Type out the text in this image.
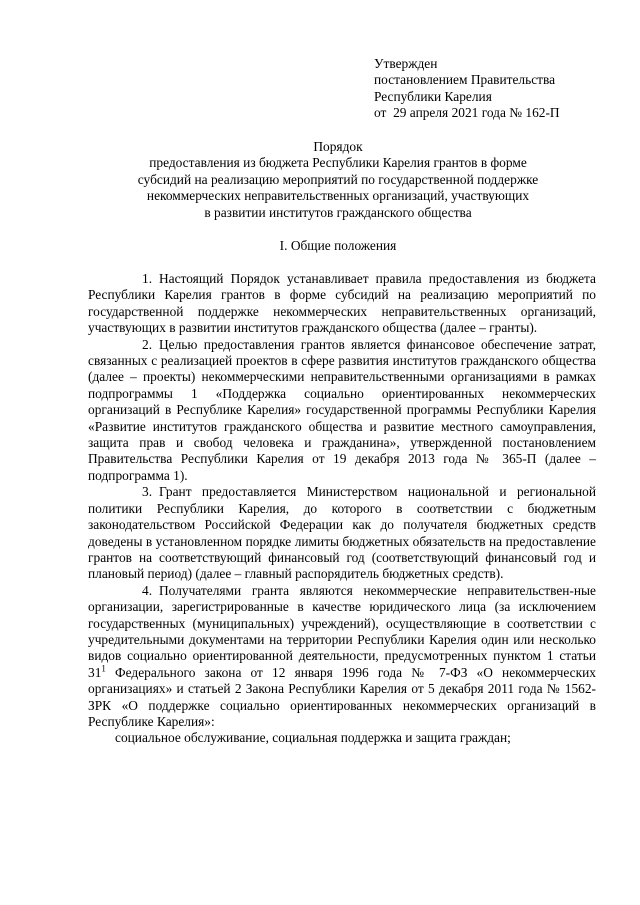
Утвержден
постановлением Правительства
Республики Карелия
от  29 апреля 2021 года № 162-П
Порядок
предоставления из бюджета Республики Карелия грантов в форме
субсидий на реализацию мероприятий по государственной поддержке
некоммерческих неправительственных организаций, участвующих
в развитии институтов гражданского общества
I. Общие положения

1. Настоящий Порядок устанавливает правила предоставления из бюджета Республики Карелия грантов в форме субсидий на реализацию мероприятий по государственной поддержке некоммерческих неправительственных организаций, участвующих в развитии институтов гражданского общества (далее – гранты).

2. Целью предоставления грантов является финансовое обеспечение затрат, связанных с реализацией проектов в сфере развития институтов гражданского общества (далее – проекты) некоммерческими неправительственными организациями в рамках подпрограммы 1 «Поддержка социально ориентированных некоммерческих организаций в Республике Карелия» государственной программы Республики Карелия «Развитие институтов гражданского общества и развитие местного самоуправления, защита прав и свобод человека и гражданина», утвержденной постановлением Правительства Республики Карелия от 19 декабря 2013 года № 365-П (далее – подпрограмма 1).

3. Грант предоставляется Министерством национальной и региональной политики Республики Карелия, до которого в соответствии с бюджетным законодательством Российской Федерации как до получателя бюджетных средств доведены в установленном порядке лимиты бюджетных обязательств на предоставление грантов на соответствующий финансовый год (соответствующий финансовый год и плановый период) (далее – главный распорядитель бюджетных средств).

4. Получателями гранта являются некоммерческие неправительствен-ные организации, зарегистрированные в качестве юридического лица (за исключением государственных (муниципальных) учреждений), осуществляющие в соответствии с учредительными документами на территории Республики Карелия один или несколько видов социально ориентированной деятельности, предусмотренных пунктом 1 статьи $31^1$ Федерального закона от 12 января 1996 года № 7-ФЗ «О некоммерческих организациях» и статьей 2 Закона Республики Карелия от 5 декабря 2011 года № 1562-ЗРК «О поддержке социально ориентированных некоммерческих организаций в Республике Карелия»:

социальное обслуживание, социальная поддержка и защита граждан;
